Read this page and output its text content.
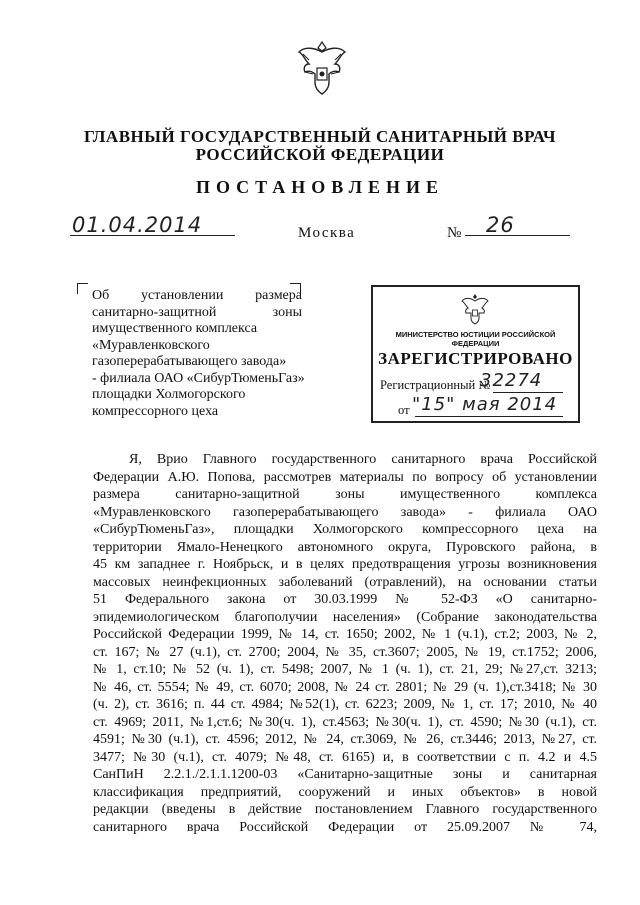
ГЛАВНЫЙ ГОСУДАРСТВЕННЫЙ САНИТАРНЫЙ ВРАЧ
РОССИЙСКОЙ ФЕДЕРАЦИИ
ПОСТАНОВЛЕНИЕ
01.04.2014	Москва	№ 26
Об установлении размера
санитарно-защитной зоны
имущественного комплекса
«Муравленковского
газоперерабатывающего завода»
- филиала ОАО «СибурТюменьГаз»
площадки Холмогорского
компрессорного цеха
МИНИСТЕРСТВО ЮСТИЦИИ РОССИЙСКОЙ ФЕДЕРАЦИИ
ЗАРЕГИСТРИРОВАНО
Регистрационный №
32274
от "15" мая 2014
Я, Врио Главного государственного санитарного врача Российской
Федерации А.Ю. Попова, рассмотрев материалы по вопросу об установлении
размера санитарно-защитной зоны имущественного комплекса
«Муравленковского газоперерабатывающего завода» - филиала ОАО
«СибурТюменьГаз», площадки Холмогорского компрессорного цеха на
территории Ямало-Ненецкого автономного округа, Пуровского района, в
45 км западнее г. Ноябрьск, и в целях предотвращения угрозы возникновения
массовых неинфекционных заболеваний (отравлений), на основании статьи
51 Федерального закона от 30.03.1999 № 52-ФЗ «О санитарно-
эпидемиологическом благополучии населения» (Собрание законодательства
Российской Федерации 1999, № 14, ст. 1650; 2002, № 1 (ч.1), ст.2; 2003, № 2,
ст. 167; № 27 (ч.1), ст. 2700; 2004, № 35, ст.3607; 2005, № 19, ст.1752; 2006,
№ 1, ст.10; № 52 (ч. 1), ст. 5498; 2007, № 1 (ч. 1), ст. 21, 29; №27,ст. 3213;
№ 46, ст. 5554; № 49, ст. 6070; 2008, № 24 ст. 2801; № 29 (ч. 1),ст.3418; № 30
(ч. 2), ст. 3616; п. 44 ст. 4984; №52(1), ст. 6223; 2009, № 1, ст. 17; 2010, № 40
ст. 4969; 2011, №1,ст.6; №30(ч. 1), ст.4563; №30(ч. 1), ст. 4590; №30 (ч.1), ст.
4591; №30 (ч.1), ст. 4596; 2012, № 24, ст.3069, № 26, ст.3446; 2013, №27, ст.
3477; №30 (ч.1), ст. 4079; №48, ст. 6165) и, в соответствии с п. 4.2 и 4.5
СанПиН 2.2.1./2.1.1.1200-03 «Санитарно-защитные зоны и санитарная
классификация предприятий, сооружений и иных объектов» в новой
редакции (введены в действие постановлением Главного государственного
санитарного врача Российской Федерации от 25.09.2007 № 74,
